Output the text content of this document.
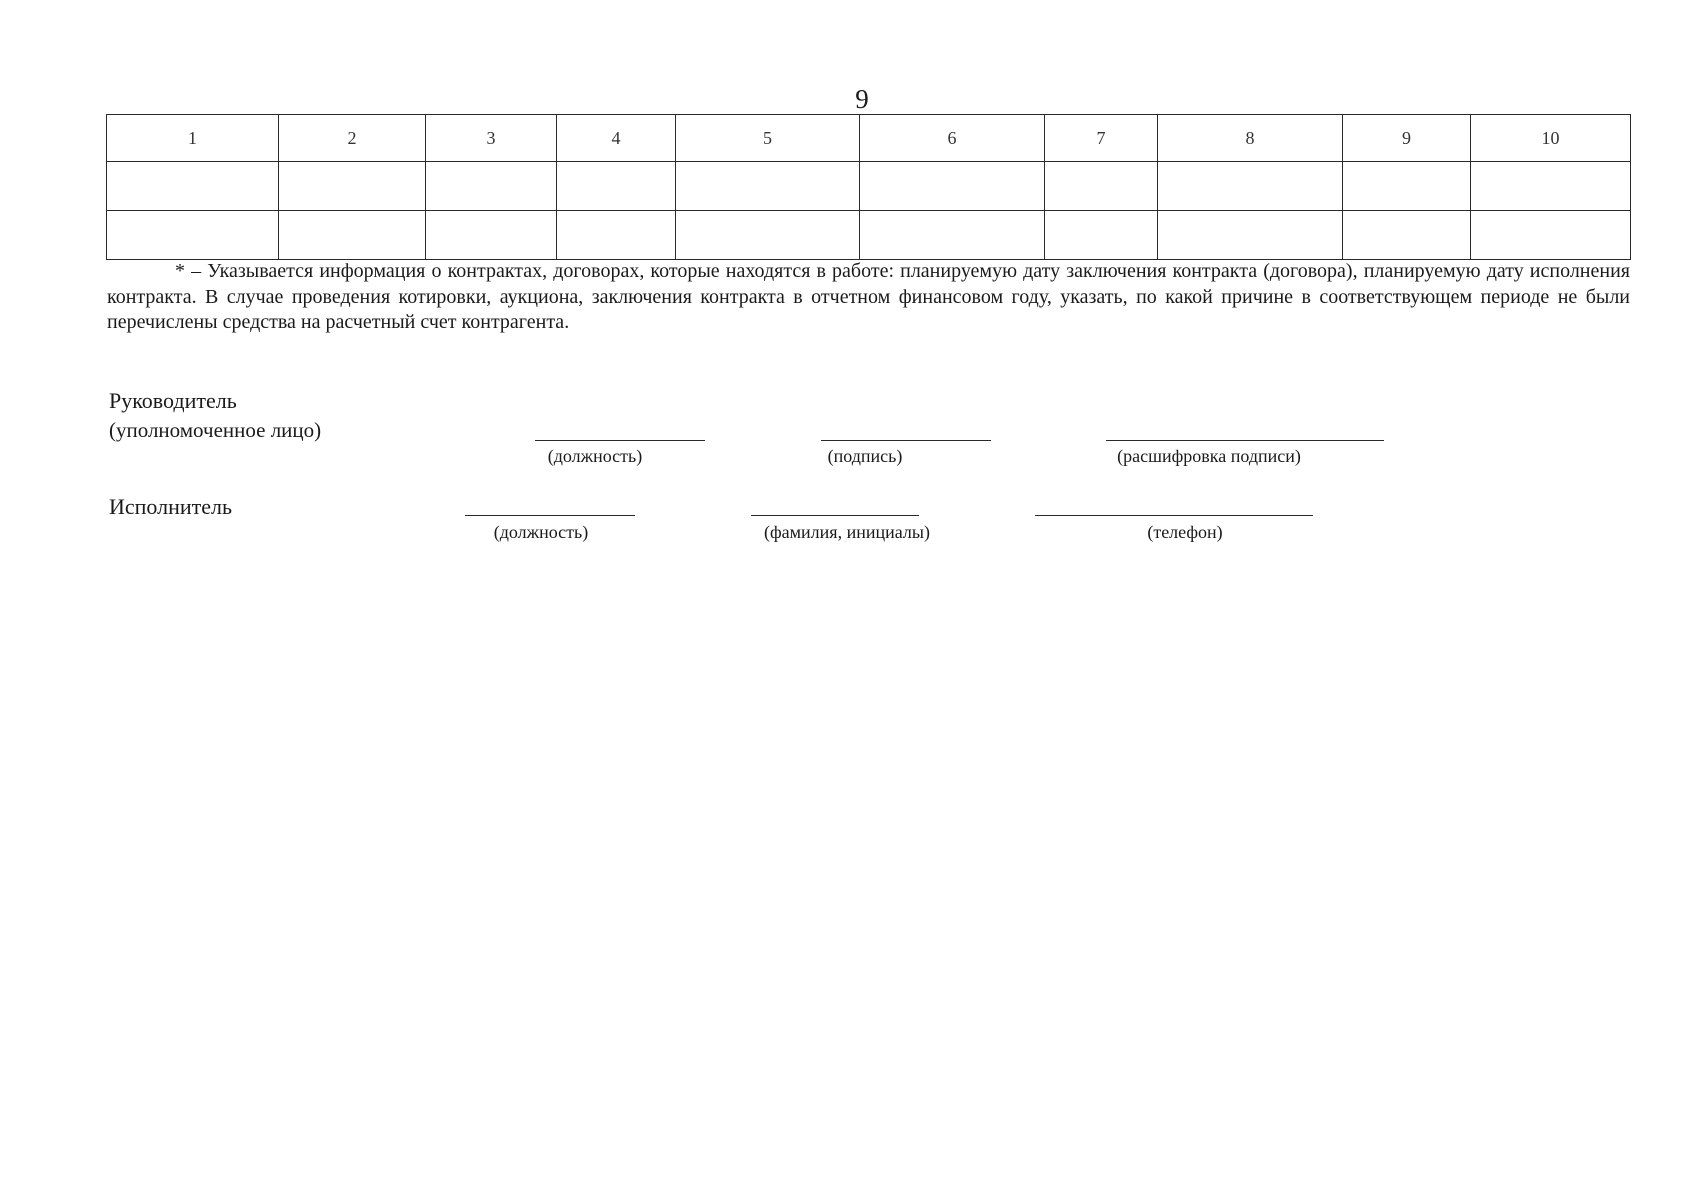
9
1	2	3	4	5	6	7	8	9	10

* – Указывается информация о контрактах, договорах, которые находятся в работе: планируемую дату заключения контракта (договора), планируемую дату исполнения контракта. В случае проведения котировки, аукциона, заключения контракта в отчетном финансовом году, указать, по какой причине в соответствующем периоде не были перечислены средства на расчетный счет контрагента.

Руководитель
(уполномоченное лицо)
(должность)	(подпись)	(расшифровка подписи)
Исполнитель
(должность)	(фамилия, инициалы)	(телефон)
